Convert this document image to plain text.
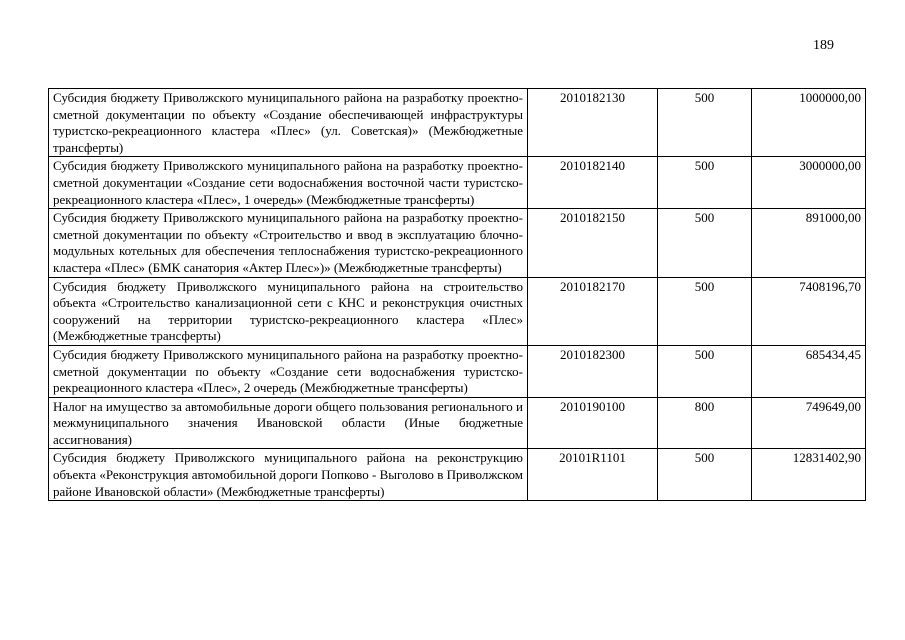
189
Субсидия бюджету Приволжского муниципального района на разработку проектно-сметной документации по объекту «Создание обеспечивающей инфраструктуры туристско-рекреационного кластера «Плес» (ул. Советская)» (Межбюджетные трансферты)	2010182130	500	1000000,00
Субсидия бюджету Приволжского муниципального района на разработку проектно-сметной документации «Создание сети водоснабжения восточной части туристско-рекреационного кластера «Плес», 1 очередь» (Межбюджетные трансферты)	2010182140	500	3000000,00
Субсидия бюджету Приволжского муниципального района на разработку проектно-сметной документации по объекту «Строительство и ввод в эксплуатацию блочно-модульных котельных для обеспечения теплоснабжения туристско-рекреационного кластера «Плес» (БМК санатория «Актер Плес»)» (Межбюджетные трансферты)	2010182150	500	891000,00
Субсидия бюджету Приволжского муниципального района на строительство объекта «Строительство канализационной сети с КНС и реконструкция очистных сооружений на территории туристско-рекреационного кластера «Плес» (Межбюджетные трансферты)	2010182170	500	7408196,70
Субсидия бюджету Приволжского муниципального района на разработку проектно-сметной документации по объекту «Создание сети водоснабжения туристско-рекреационного кластера «Плес», 2 очередь (Межбюджетные трансферты)	2010182300	500	685434,45
Налог на имущество за автомобильные дороги общего пользования регионального и межмуниципального значения Ивановской области (Иные бюджетные ассигнования)	2010190100	800	749649,00
Субсидия бюджету Приволжского муниципального района на реконструкцию объекта «Реконструкция автомобильной дороги Попково - Выголово в Приволжском районе Ивановской области» (Межбюджетные трансферты)	20101R1101	500	12831402,90
